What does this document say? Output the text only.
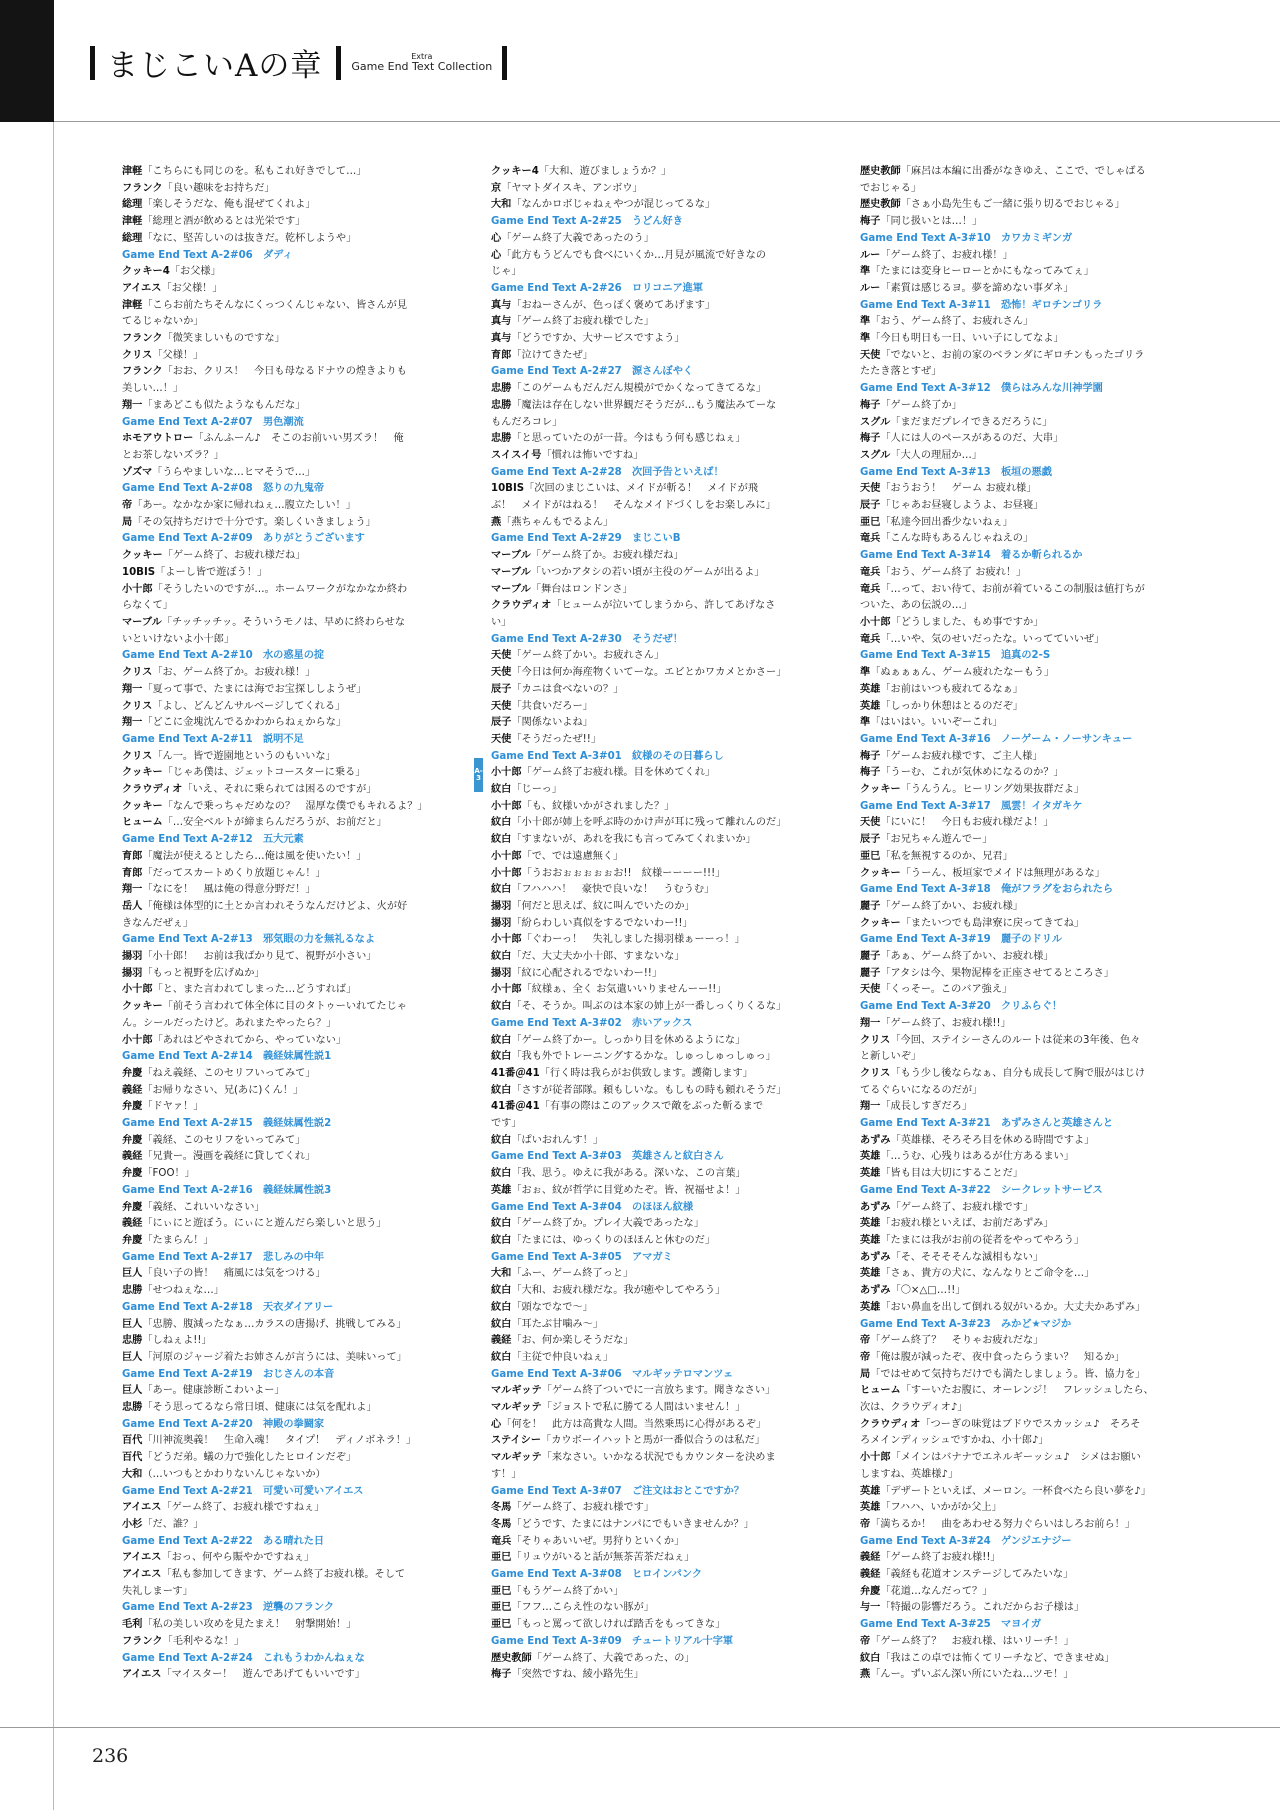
まじこいAの章	Extra
Game End Text Collection
津軽「こちらにも同じのを。私もこれ好きでして…」
フランク「良い趣味をお持ちだ」
総理「楽しそうだな、俺も混ぜてくれよ」
津軽「総理と酒が飲めるとは光栄です」
総理「なに、堅苦しいのは抜きだ。乾杯しようや」
Game End Text A-2#06　ダディ
クッキー4「お父様」
アイエス「お父様！」
津軽「こらお前たちそんなにくっつくんじゃない、皆さんが見
てるじゃないか」
フランク「微笑ましいものですな」
クリス「父様！」
フランク「おお、クリス！　今日も母なるドナウの煌きよりも
美しい…！」
翔一「まあどこも似たようなもんだな」
Game End Text A-2#07　男色潮流
ホモアウトロー「ふんふーん♪　そこのお前いい男ズラ！　俺
とお茶しないズラ？」
ゾズマ「うらやましいな…ヒマそうで…」
Game End Text A-2#08　怒りの九鬼帝
帝「あー。なかなか家に帰れねぇ…腹立たしい！」
局「その気持ちだけで十分です。楽しくいきましょう」
Game End Text A-2#09　ありがとうございます
クッキー「ゲーム終了、お疲れ様だね」
10BIS「よーし皆で遊ぼう！」
小十郎「そうしたいのですが…。ホームワークがなかなか終わ
らなくて」
マーブル「チッチッチッ。そういうモノは、早めに終わらせな
いといけないよ小十郎」
Game End Text A-2#10　水の惑星の掟
クリス「お、ゲーム終了か。お疲れ様！」
翔一「夏って事で、たまには海でお宝探ししようぜ」
クリス「よし、どんどんサルベージしてくれる」
翔一「どこに金塊沈んでるかわからねぇからな」
Game End Text A-2#11　説明不足
クリス「ん一。皆で遊園地というのもいいな」
クッキー「じゃあ僕は、ジェットコースターに乗る」
クラウディオ「いえ、それに乗られては困るのですが」
クッキー「なんで乗っちゃだめなの？　湿厚な僕でもキれるよ？」
ヒューム「…安全ベルトが締まらんだろうが、お前だと」
Game End Text A-2#12　五大元素
育郎「魔法が使えるとしたら…俺は風を使いたい！」
育郎「だってスカートめくり放題じゃん！」
翔一「なにを！　風は俺の得意分野だ！」
岳人「俺様は体型的に土とか言われそうなんだけどよ、火が好
きなんだぜぇ」
Game End Text A-2#13　邪気眼の力を無礼るなよ
揚羽「小十郎！　お前は我ばかり見て、視野が小さい」
揚羽「もっと視野を広げぬか」
小十郎「と、また言われてしまった…どうすれば」
クッキー「前そう言われて体全体に目のタトゥーいれてたじゃ
ん。シールだったけど。あれまたやったら？」
小十郎「あれはどやされてから、やっていない」
Game End Text A-2#14　義経妹属性説1
弁慶「ねえ義経、このセリフいってみて」
義経「お帰りなさい、兄(あに)くん！」
弁慶「ドヤァ！」
Game End Text A-2#15　義経妹属性説2
弁慶「義経、このセリフをいってみて」
義経「兄貴ー。漫画を義経に貸してくれ」
弁慶「FOO！」
Game End Text A-2#16　義経妹属性説3
弁慶「義経、これいいなさい」
義経「にぃにと遊ぼう。にぃにと遊んだら楽しいと思う」
弁慶「たまらん！」
Game End Text A-2#17　悲しみの中年
巨人「良い子の皆！　痛風には気をつける」
忠勝「せつねぇな…」
Game End Text A-2#18　天衣ダイアリー
巨人「忠勝、腹減ったなぁ…カラスの唐揚げ、挑戦してみる」
忠勝「しねぇよ!!」
巨人「河原のジャージ着たお姉さんが言うには、美味いって」
Game End Text A-2#19　おじさんの本音
巨人「あー。健康診断こわいよー」
忠勝「そう思ってるなら常日頃、健康には気を配れよ」
Game End Text A-2#20　神殿の拳闘家
百代「川神流奥義！　生命入魂！　タイプ！　ディノボネラ！」
百代「どうだ弟。蟻の力で強化したヒロインだぞ」
大和（…いつもとかわりないんじゃないか）
Game End Text A-2#21　可愛い可愛いアイエス
アイエス「ゲーム終了、お疲れ様ですねぇ」
小杉「だ、誰？」
Game End Text A-2#22　ある晴れた日
アイエス「おっ、何やら賑やかですねぇ」
アイエス「私も参加してきます、ゲーム終了お疲れ様。そして
失礼しまーす」
Game End Text A-2#23　逆襲のフランク
毛利「私の美しい攻めを見たまえ！　射撃開始！」
フランク「毛利やるな！」
Game End Text A-2#24　これもうわかんねぇな
アイエス「マイスター！　遊んであげてもいいです」
クッキー4「大和、遊びましょうか？」
京「ヤマトダイスキ、アンボウ」
大和「なんかロボじゃねぇやつが混じってるな」
Game End Text A-2#25　うどん好き
心「ゲーム終了大義であったのう」
心「此方もうどんでも食べにいくか…月見が風流で好きなの
じゃ」
Game End Text A-2#26　ロリコニア進軍
真与「おねーさんが、色っぽく褒めてあげます」
真与「ゲーム終了お疲れ様でした」
真与「どうですか、大サービスですよう」
育郎「泣けてきたぜ」
Game End Text A-2#27　源さんぼやく
忠勝「このゲームもだんだん規模がでかくなってきてるな」
忠勝「魔法は存在しない世界観だそうだが…もう魔法みてーな
もんだろコレ」
忠勝「と思っていたのが一昔。今はもう何も感じねぇ」
スイスイ号「慣れは怖いですね」
Game End Text A-2#28　次回予告といえば！
10BIS「次回のまじこいは、メイドが斬る！　メイドが飛
ぶ！　メイドがはねる！　そんなメイドづくしをお楽しみに」
燕「燕ちゃんもでるよん」
Game End Text A-2#29　まじこいB
マーブル「ゲーム終了か。お疲れ様だね」
マーブル「いつかアタシの若い頃が主役のゲームが出るよ」
マーブル「舞台はロンドンさ」
クラウディオ「ヒュームが泣いてしまうから、許してあげなさ
い」
Game End Text A-2#30　そうだぜ！
天使「ゲーム終了かい。お疲れさん」
天使「今日は何か海産物くいてーな。エビとかワカメとかさー」
辰子「カニは食べないの？」
天使「共食いだろー」
辰子「関係ないよね」
天使「そうだったぜ!!」
Game End Text A-3#01　紋様のその日暮らし
小十郎「ゲーム終了お疲れ様。目を休めてくれ」
紋白「じーっ」
小十郎「も、紋様いかがされました？」
紋白「小十郎が姉上を呼ぶ時のかけ声が耳に残って離れんのだ」
紋白「すまないが、あれを我にも言ってみてくれまいか」
小十郎「で、では遠慮無く」
小十郎「うおおぉぉぉぉぉお!!　紋様ーーーー!!!」
紋白「フハハハ！　豪快で良いな！　うむうむ」
揚羽「何だと思えば、紋に叫んでいたのか」
揚羽「紛らわしい真似をするでないわー!!」
小十郎「ぐわーっ！　失礼しました揚羽様ぁーーっ！」
紋白「だ、大丈夫か小十郎、すまないな」
揚羽「紋に心配されるでないわー!!」
小十郎「紋様ぁ、全く お気遣いいりませんーー!!」
紋白「そ、そうか。叫ぶのは本家の姉上が一番しっくりくるな」
Game End Text A-3#02　赤いアックス
紋白「ゲーム終了かー。しっかり目を休めるようにな」
紋白「我も外でトレーニングするかな。しゅっしゅっしゅっ」
41番＠41「行く時は我らがお供致します。護衛します」
紋白「さすが従者部隊。頼もしいな。もしもの時も頼れそうだ」
41番＠41「有事の際はこのアックスで敵をぶった斬るまで
です」
紋白「ぱいおれんす！」
Game End Text A-3#03　英雄さんと紋白さん
紋白「我、思う。ゆえに我がある。深いな、この言葉」
英雄「おぉ、紋が哲学に目覚めたぞ。皆、祝福せよ！」
Game End Text A-3#04　のほほん紋様
紋白「ゲーム終了か。プレイ大義であったな」
紋白「たまには、ゆっくりのほほんと休むのだ」
Game End Text A-3#05　アマガミ
大和「ふー、ゲーム終了っと」
紋白「大和、お疲れ様だな。我が癒やしてやろう」
紋白「頭なでなで～」
紋白「耳たぶ甘噛み～」
義経「お、何か楽しそうだな」
紋白「主従で仲良いねぇ」
Game End Text A-3#06　マルギッテロマンツェ
マルギッテ「ゲーム終了ついでに一言放ちます。聞きなさい」
マルギッテ「ジョストで私に勝てる人間はいません！」
心「何を！　此方は高貴な人間。当然乗馬に心得があるぞ」
ステイシー「カウボーイハットと馬が一番似合うのは私だ」
マルギッテ「来なさい。いかなる状況でもカウンターを決めま
す！」
Game End Text A-3#07　ご注文はおとこですか？
冬馬「ゲーム終了、お疲れ様です」
冬馬「どうです、たまにはナンパにでもいきませんか？」
竜兵「そりゃあいいぜ。男狩りといくか」
亜巳「リュウがいると話が無茶苦茶だねぇ」
Game End Text A-3#08　ヒロインパンク
亜巳「もうゲーム終了かい」
亜巳「フフ…こらえ性のない豚が」
亜巳「もっと罵って欲しければ踏舌をもってきな」
Game End Text A-3#09　チュートリアル十字軍
歴史教師「ゲーム終了、大義であった、の」
梅子「突然ですね、綾小路先生」
歴史教師「麻呂は本編に出番がなきゆえ、ここで、でしゃばる
でおじゃる」
歴史教師「さぁ小島先生もご一緒に張り切るでおじゃる」
梅子「同じ扱いとは…！」
Game End Text A-3#10　カワカミギンガ
ルー「ゲーム終了、お疲れ様！」
準「たまには変身ヒーローとかにもなってみてぇ」
ルー「素質は感じるヨ。夢を諦めない事ダネ」
Game End Text A-3#11　恐怖！ギロチンゴリラ
準「おう、ゲーム終了、お疲れさん」
準「今日も明日も一日、いい子にしてなよ」
天使「でないと、お前の家のベランダにギロチンもったゴリラ
たたき落とすぜ」
Game End Text A-3#12　僕らはみんな川神学園
梅子「ゲーム終了か」
スグル「まだまだプレイできるだろうに」
梅子「人には人のペースがあるのだ、大串」
スグル「大人の理屈か…」
Game End Text A-3#13　板垣の悪戯
天使「おうおう！　ゲーム お疲れ様」
辰子「じゃあお昼寝しようよ、お昼寝」
亜巳「私達今回出番少ないねぇ」
竜兵「こんな時もあるんじゃねえの」
Game End Text A-3#14　着るか斬られるか
竜兵「おう、ゲーム終了 お疲れ！」
竜兵「…って、おい待て、お前が着ているこの制服は値打ちが
ついた、あの伝説の…」
小十郎「どうしました、もめ事ですか」
竜兵「…いや、気のせいだったな。いってていいぜ」
Game End Text A-3#15　追真の2-S
準「ぬぁぁぁん、ゲーム疲れたなーもう」
英雄「お前はいつも疲れてるなぁ」
英雄「しっかり休憩はとるのだぞ」
準「はいはい。いいぞーこれ」
Game End Text A-3#16　ノーゲーム・ノーサンキュー
梅子「ゲームお疲れ様です、ご主人様」
梅子「うーむ、これが気休めになるのか？」
クッキー「うんうん。ヒーリング効果抜群だよ」
Game End Text A-3#17　風雲！イタガキケ
天使「にいに！　今日もお疲れ様だよ！」
辰子「お兄ちゃん遊んでー」
亜巳「私を無視するのか、兄君」
クッキー「うーん、板垣家でメイドは無理があるな」
Game End Text A-3#18　俺がフラグをおられたら
麗子「ゲーム終了かい、お疲れ様」
クッキー「またいつでも島津寮に戻ってきてね」
Game End Text A-3#19　麗子のドリル
麗子「あぁ、ゲーム終了かい、お疲れ様」
麗子「アタシは今、果物泥棒を正座させてるところさ」
天使「くっそー。このバア強え」
Game End Text A-3#20　クリふらぐ！
翔一「ゲーム終了、お疲れ様!!」
クリス「今回、ステイシーさんのルートは従来の3年後、色々
と新しいぞ」
クリス「もう少し後ならなぁ、自分も成長して胸で服がはじけ
てるぐらいになるのだが」
翔一「成長しすぎだろ」
Game End Text A-3#21　あずみさんと英雄さんと
あずみ「英雄様、そろそろ目を休める時間ですよ」
英雄「…うむ、心残りはあるが仕方あるまい」
英雄「皆も目は大切にすることだ」
Game End Text A-3#22　シークレットサービス
あずみ「ゲーム終了、お疲れ様です」
英雄「お疲れ様といえば、お前だあずみ」
英雄「たまには我がお前の従者をやってやろう」
あずみ「そ、そそそそんな滅相もない」
英雄「さぁ、貴方の犬に、なんなりとご命令を…」
あずみ「〇×△□…!!」
英雄「おい鼻血を出して倒れる奴がいるか。大丈夫かあずみ」
Game End Text A-3#23　みかど★マジか
帝「ゲーム終了？　そりゃお疲れだな」
帝「俺は腹が減ったぞ、夜中食ったらうまい？　知るか」
局「ではせめて気持ちだけでも満たしましょう。皆、協力を」
ヒューム「すーいたお腹に、オーレンジ！　フレッシュしたら、
次は、クラウディオ♪」
クラウディオ「つーぎの味覚はブドウでスカッシュ♪　そろそ
ろメインディッシュですかね、小十郎♪」
小十郎「メインはバナナでエネルギーッシュ♪　シメはお願い
しますね、英雄様♪」
英雄「デザートといえば、メーロン。一杯食べたら良い夢を♪」
英雄「フハハ、いかがか父上」
帝「満ちるか！　曲をあわせる努力ぐらいはしろお前ら！」
Game End Text A-3#24　ゲンジエナジー
義経「ゲーム終了お疲れ様!!」
義経「義経も花道オンステージしてみたいな」
弁慶「花道…なんだって？」
与一「特撮の影響だろう。これだからお子様は」
Game End Text A-3#25　マヨイガ
帝「ゲーム終了？　お疲れ様、はいリーチ！」
紋白「我はこの卓では怖くてリーチなど、できませぬ」
燕「んー。ずいぶん深い所にいたね…ツモ！」
A-3
236
